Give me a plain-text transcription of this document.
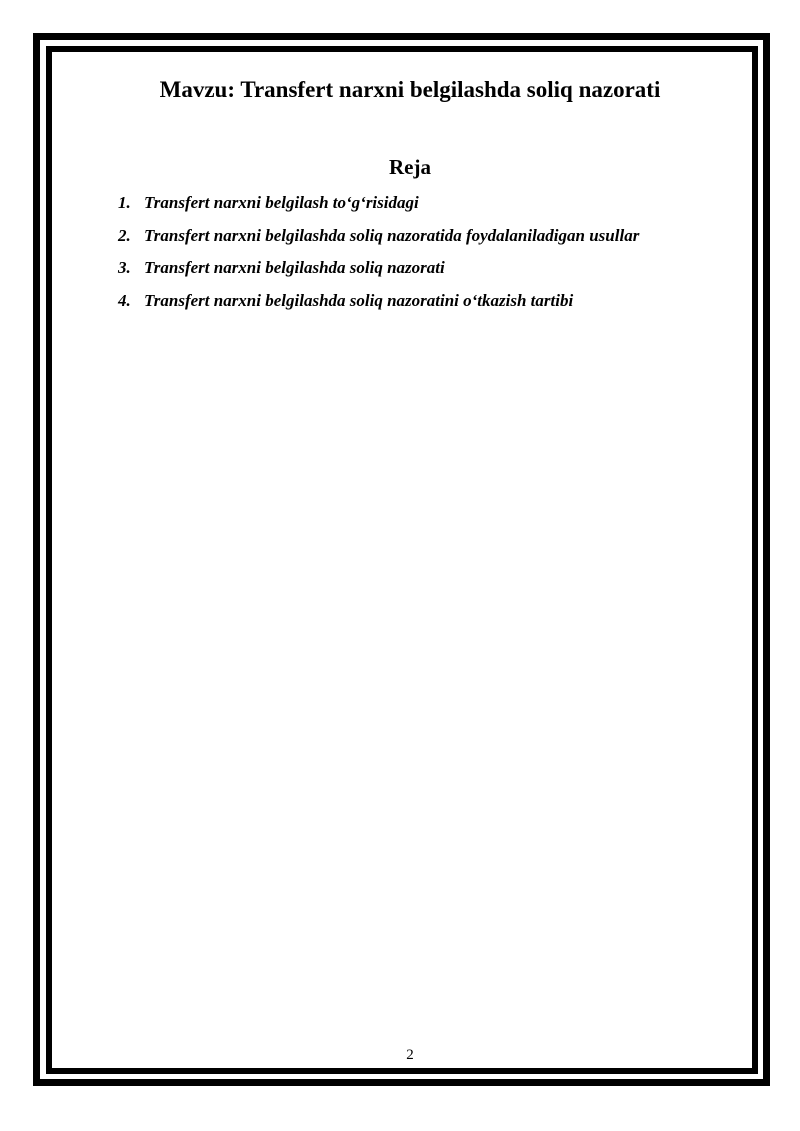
Mavzu: Transfert narxni belgilashda soliq nazorati
Reja
1. Transfert narxni belgilash to‘g‘risidagi
2. Transfert narxni belgilashda soliq nazoratida foydalaniladigan usullar
3. Transfert narxni belgilashda soliq nazorati
4. Transfert narxni belgilashda soliq nazoratini o‘tkazish tartibi
2
